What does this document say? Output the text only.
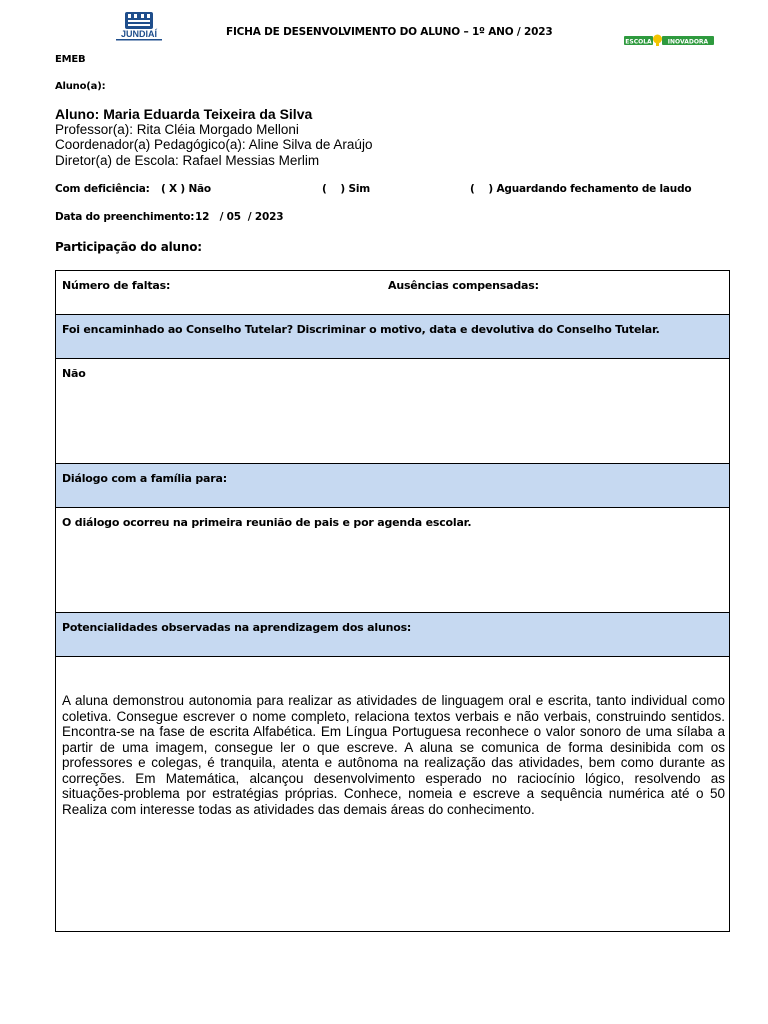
JUNDIAÍ	FICHA DE DESENVOLVIMENTO DO ALUNO – 1º ANO / 2023
ESCOLA	INOVADORA
EMEB
Aluno(a):
Aluno: Maria Eduarda Teixeira da Silva
Professor(a): Rita Cléia Morgado Melloni
Coordenador(a) Pedagógico(a): Aline Silva de Araújo
Diretor(a) de Escola: Rafael Messias Merlim
Com deficiência: ( X ) Não	(    ) Sim	(    ) Aguardando fechamento de laudo
Data do preenchimento: 12   / 05  / 2023
Participação do aluno:
Número de faltas:	Ausências compensadas:
Foi encaminhado ao Conselho Tutelar? Discriminar o motivo, data e devolutiva do Conselho Tutelar.
Não
Diálogo com a família para:
O diálogo ocorreu na primeira reunião de pais e por agenda escolar.
Potencialidades observadas na aprendizagem dos alunos:
A aluna demonstrou autonomia para realizar as atividades de linguagem oral e escrita, tanto individual como coletiva. Consegue escrever o nome completo, relaciona textos verbais e não verbais, construindo sentidos. Encontra-se na fase de escrita Alfabética. Em Língua Portuguesa reconhece o valor sonoro de uma sílaba a partir de uma imagem, consegue ler o que escreve. A aluna se comunica de forma desinibida com os professores e colegas, é tranquila, atenta e autônoma na realização das atividades, bem como durante as correções. Em Matemática, alcançou desenvolvimento esperado no raciocínio lógico, resolvendo as situações-problema por estratégias próprias. Conhece, nomeia e escreve a sequência numérica até o 50 Realiza com interesse todas as atividades das demais áreas do conhecimento.
